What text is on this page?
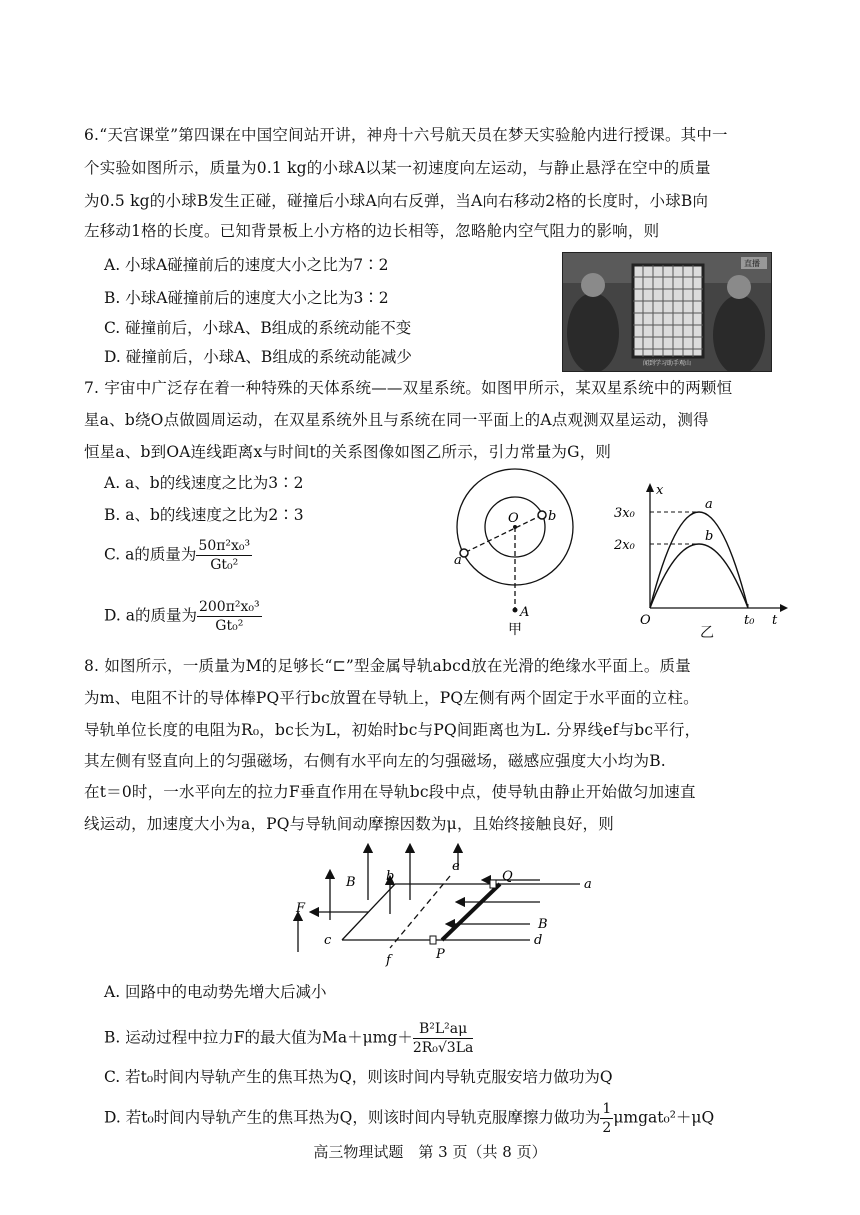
6.“天宫课堂”第四课在中国空间站开讲，神舟十六号航天员在梦天实验舱内进行授课。其中一
个实验如图所示，质量为0.1 kg的小球A以某一初速度向左运动，与静止悬浮在空中的质量
为0.5 kg的小球B发生正碰，碰撞后小球A向右反弹，当A向右移动2格的长度时，小球B向
左移动1格的长度。已知背景板上小方格的边长相等，忽略舱内空气阻力的影响，则
A. 小球A碰撞前后的速度大小之比为7∶2
B. 小球A碰撞前后的速度大小之比为3∶2
C. 碰撞前后，小球A、B组成的系统动能不变
D. 碰撞前后，小球A、B组成的系统动能减少
直播
闻到学习助手观山
7. 宇宙中广泛存在着一种特殊的天体系统——双星系统。如图甲所示，某双星系统中的两颗恒
星a、b绕O点做圆周运动，在双星系统外且与系统在同一平面上的A点观测双星运动，测得
恒星a、b到OA连线距离x与时间t的关系图像如图乙所示，引力常量为G，则
A. a、b的线速度之比为3∶2
B. a、b的线速度之比为2∶3
C. a的质量为 $\frac{\text{50π²x₀³}}{\text{Gt₀²}}$
D. a的质量为 $\frac{\text{200π²x₀³}}{\text{Gt₀²}}$
O b
a
A
甲
x
t
O
3x₀
2x₀
t₀
a
b
乙
8. 如图所示，一质量为M的足够长“⊏”型金属导轨abcd放在光滑的绝缘水平面上。质量
为m、电阻不计的导体棒PQ平行bc放置在导轨上，PQ左侧有两个固定于水平面的立柱。
导轨单位长度的电阻为R₀，bc长为L，初始时bc与PQ间距离也为L. 分界线ef与bc平行，
其左侧有竖直向上的匀强磁场，右侧有水平向左的匀强磁场，磁感应强度大小均为B.
在t＝0时，一水平向左的拉力F垂直作用在导轨bc段中点，使导轨由静止开始做匀加速直
线运动，加速度大小为a，PQ与导轨间动摩擦因数为μ，且始终接触良好，则
B b
e
Q
a
F
B
c	d
f	P
A. 回路中的电动势先增大后减小
B. 运动过程中拉力F的最大值为$Ma+\mu mg+ \frac{\text{B²L²aμ}}{\text{2R₀√3La}}$
C. 若t₀时间内导轨产生的焦耳热为Q，则该时间内导轨克服安培力做功为Q
D. 若t₀时间内导轨产生的焦耳热为Q，则该时间内导轨克服摩擦力做功为 $\frac{1}{2}$ μmgat₀²＋μQ
高三物理试题　第 3 页（共 8 页）
